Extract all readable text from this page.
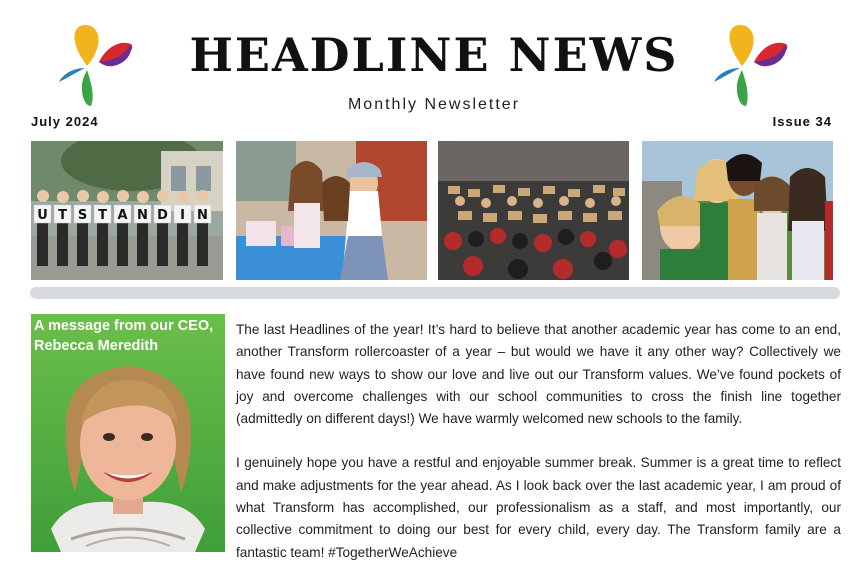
HEADLINE NEWS
Monthly Newsletter
July 2024	Issue 34
U T S T A N D I N
A message from our CEO, Rebecca Meredith

The last Headlines of the year! It’s hard to believe that another academic year has come to an end, another Transform rollercoaster of a year – but would we have it any other way? Collectively we have found new ways to show our love and live out our Transform values. We’ve found pockets of joy and overcome challenges with our school communities to cross the finish line together (admittedly on different days!) We have warmly welcomed new schools to the family.

I genuinely hope you have a restful and enjoyable summer break. Summer is a great time to reflect and make adjustments for the year ahead. As I look back over the last academic year, I am proud of what Transform has accomplished, our professionalism as a staff, and most importantly, our collective commitment to doing our best for every child, every day. The Transform family are a fantastic team! #TogetherWeAchieve
